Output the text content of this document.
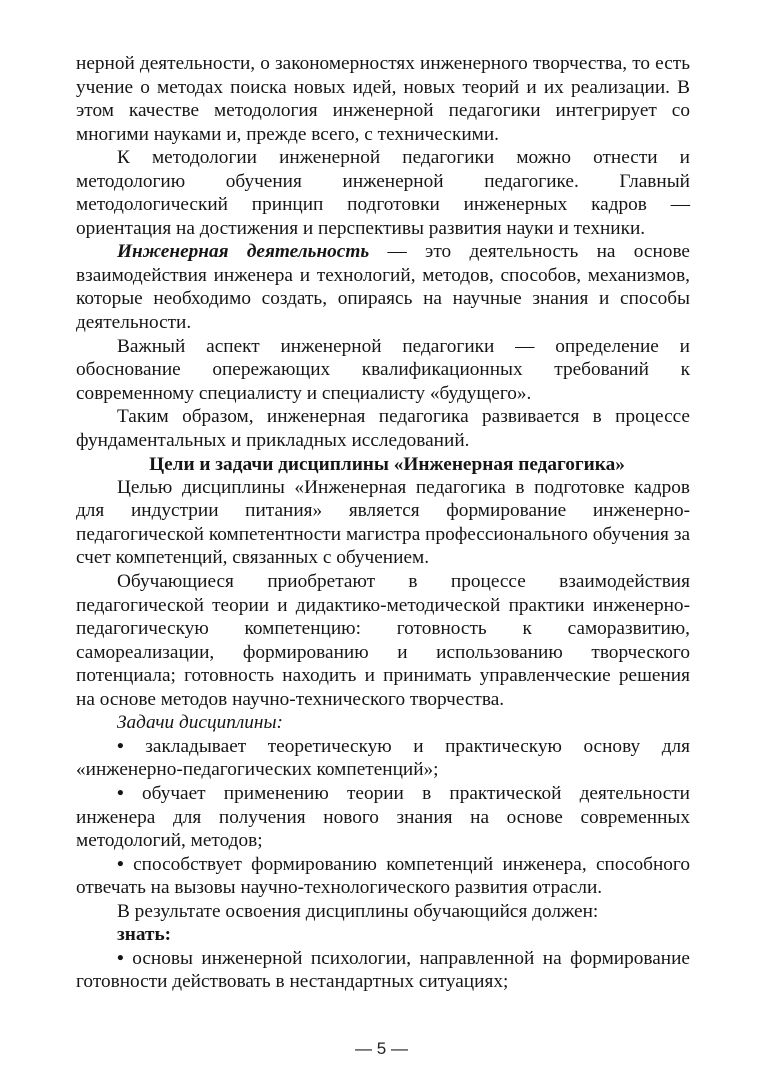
нерной деятельности, о закономерностях инженерного творчества, то есть учение о методах поиска новых идей, новых теорий и их реализации. В этом качестве методология инженерной педагогики интегрирует со многими науками и, прежде всего, с техническими.

К методологии инженерной педагогики можно отнести и методологию обучения инженерной педагогике. Главный методологический принцип подготовки инженерных кадров — ориентация на достижения и перспективы развития науки и техники.

Инженерная деятельность — это деятельность на основе взаимодействия инженера и технологий, методов, способов, механизмов, которые необходимо создать, опираясь на научные знания и способы деятельности.

Важный аспект инженерной педагогики — определение и обоснование опережающих квалификационных требований к современному специалисту и специалисту «будущего».

Таким образом, инженерная педагогика развивается в процессе фундаментальных и прикладных исследований.

Цели и задачи дисциплины «Инженерная педагогика»

Целью дисциплины «Инженерная педагогика в подготовке кадров для индустрии питания» является формирование инженерно-педагогической компетентности магистра профессионального обучения за счет компетенций, связанных с обучением.

Обучающиеся приобретают в процессе взаимодействия педагогической теории и дидактико-методической практики инженерно-педагогическую компетенцию: готовность к саморазвитию, самореализации, формированию и использованию творческого потенциала; готовность находить и принимать управленческие решения на основе методов научно-технического творчества.

Задачи дисциплины:

• закладывает теоретическую и практическую основу для «инженерно-педагогических компетенций»;

• обучает применению теории в практической деятельности инженера для получения нового знания на основе современных методологий, методов;

• способствует формированию компетенций инженера, способного отвечать на вызовы научно-технологического развития отрасли.

В результате освоения дисциплины обучающийся должен:

знать:

• основы инженерной психологии, направленной на формирование готовности действовать в нестандартных ситуациях;

— 5 —
